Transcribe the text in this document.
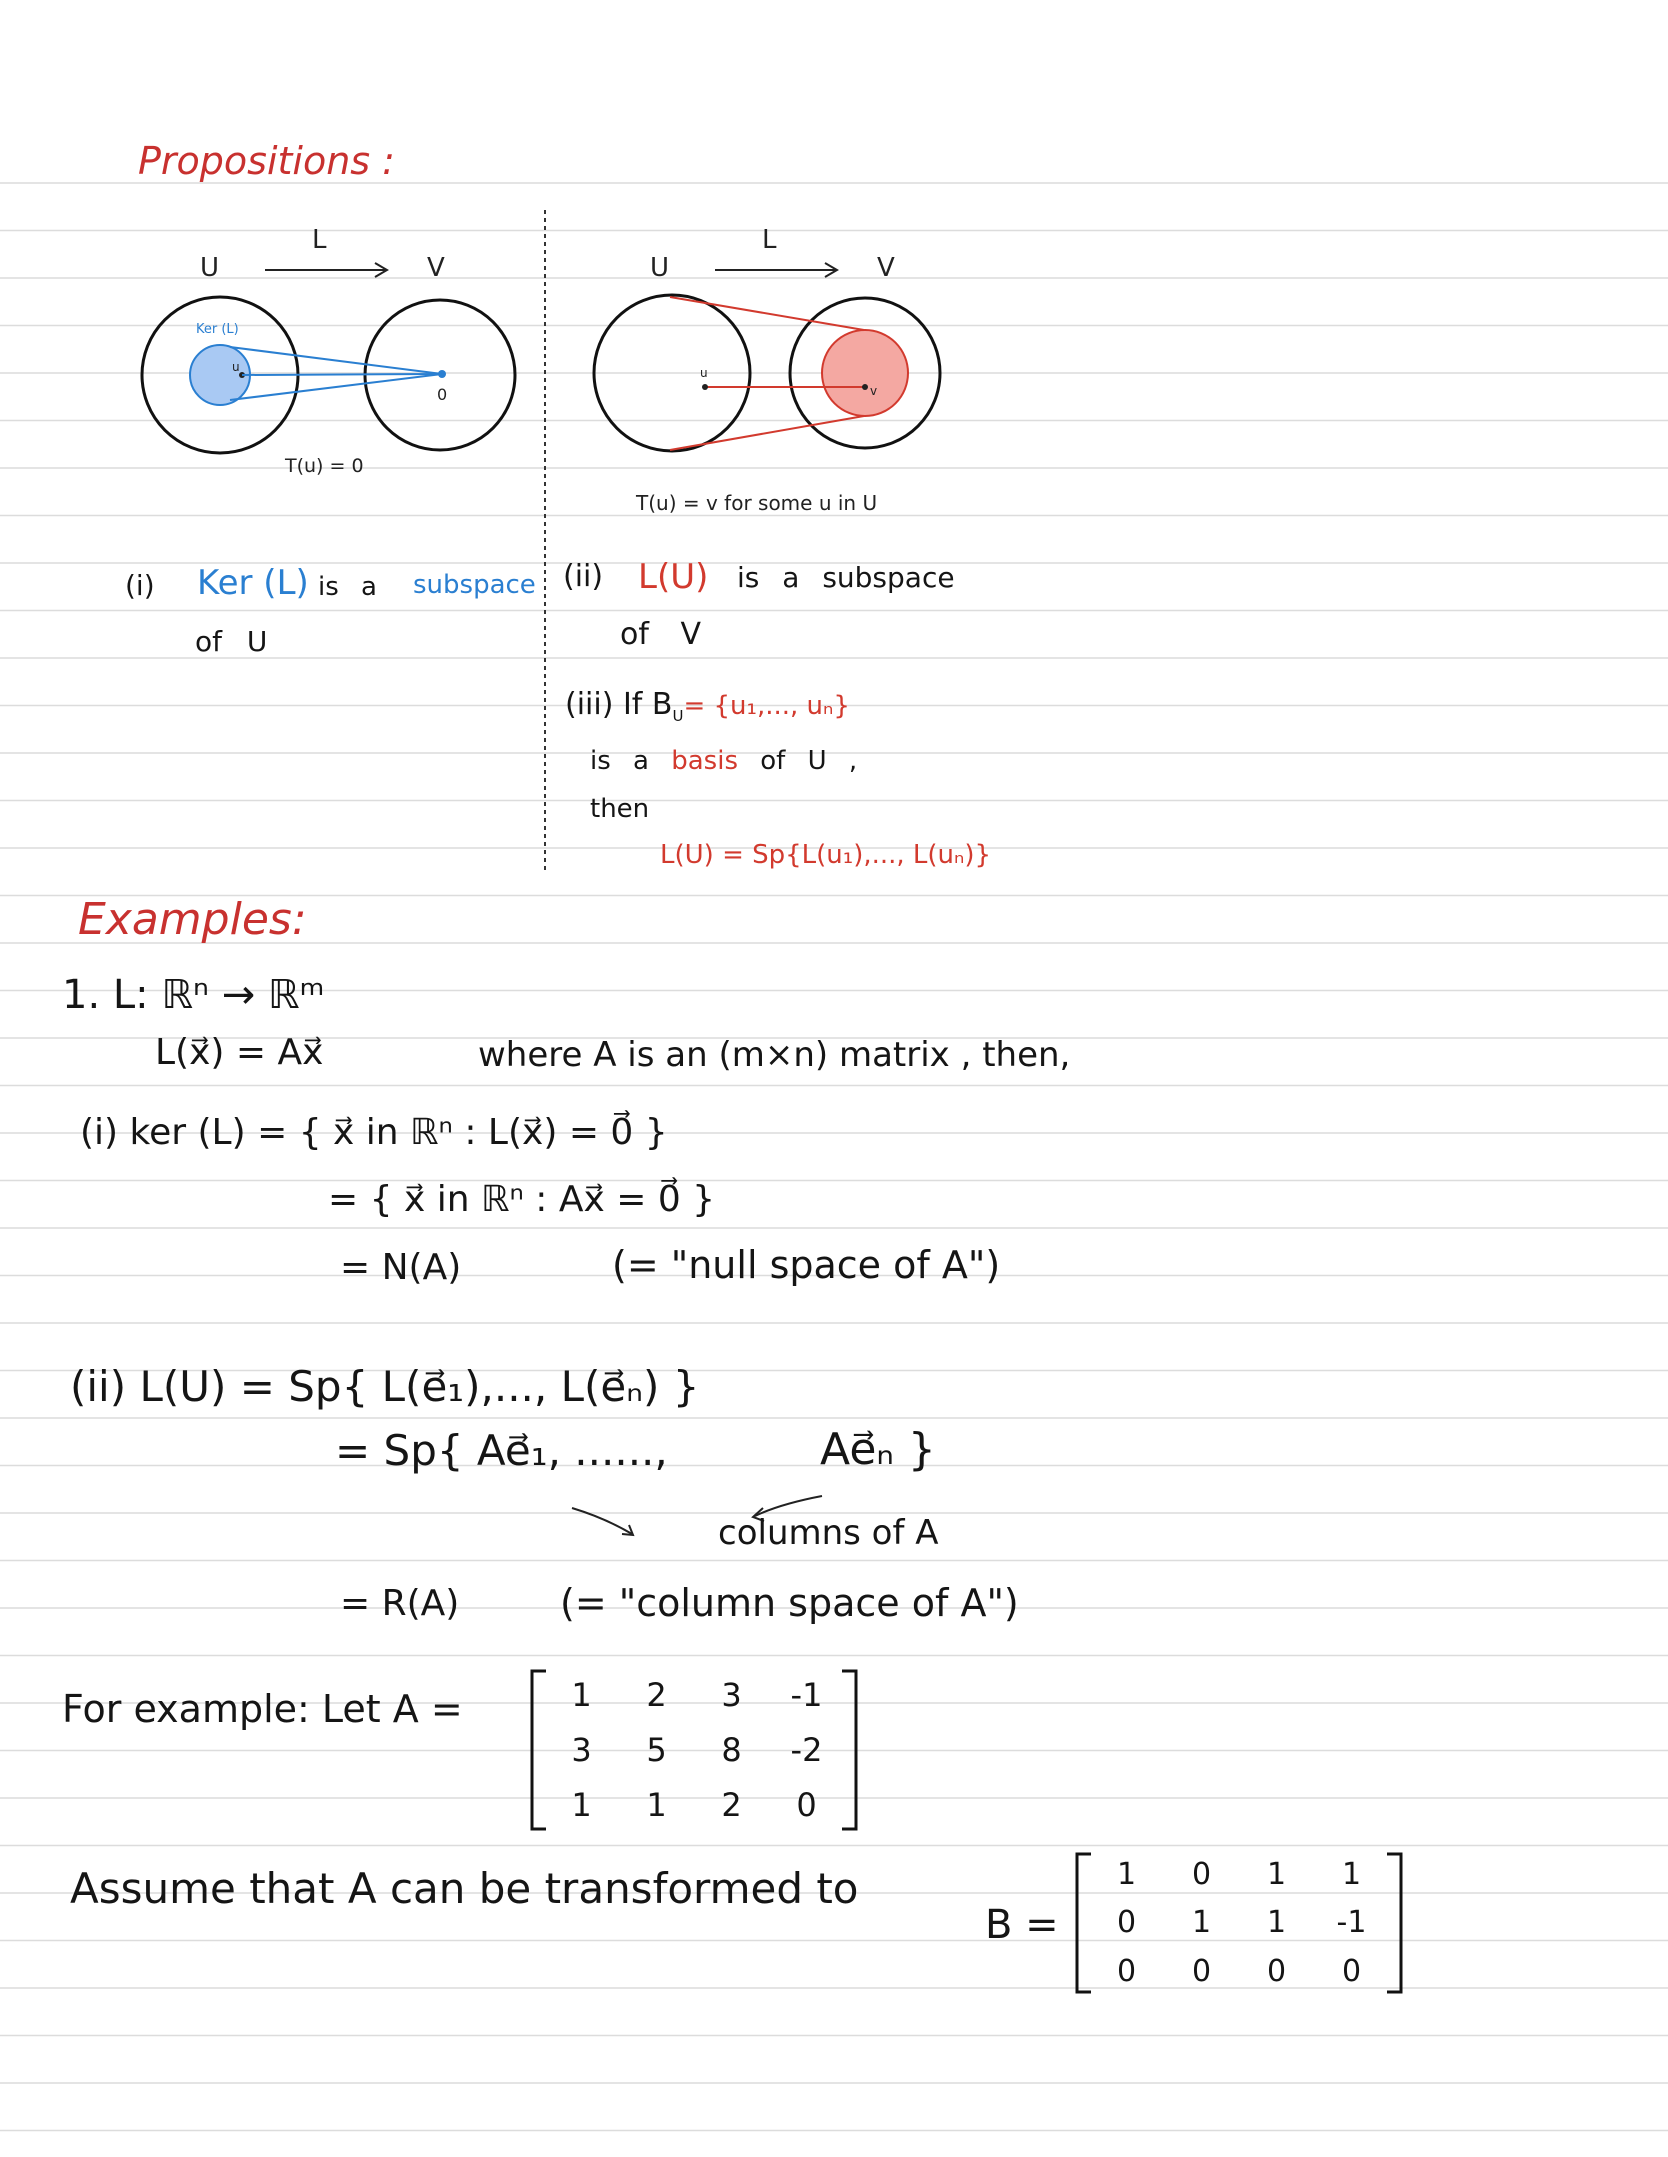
Propositions :
U
L
V
Ker (L)
u
0
T(u) = 0
U
L
V
u
v
T(u) = v for some u in U
(i) Ker (L) is a subspace
of U
(ii) L(U) is a subspace
of V
(iii) If $B_U= \{u_1$,..., uₙ}
is a basis of U ,
then
L(U) = Sp{L(u₁),..., L(uₙ)}
Examples:
1. L: ℝⁿ → ℝᵐ
L(x⃗) = Ax⃗	where A is an (m×n) matrix , then,
(i) ker (L) = { x⃗ in ℝⁿ : L(x⃗) = 0⃗ }
= { x⃗ in ℝⁿ : Ax⃗ = 0⃗ }
= N(A)	(= "null space of A")
(ii) L(U) = Sp{ L(e⃗₁),..., L(e⃗ₙ) }
= Sp{ Ae⃗₁, ......,	Ae⃗ₙ }
columns of A
= R(A)	(= "column space of A")
For example: Let A =	1	2	3	-1
3	5	8	-2
1	1	2	0
Assume that A can be transformed to
B =
1	0	1	1
0	1	1	-1
0	0	0	0
